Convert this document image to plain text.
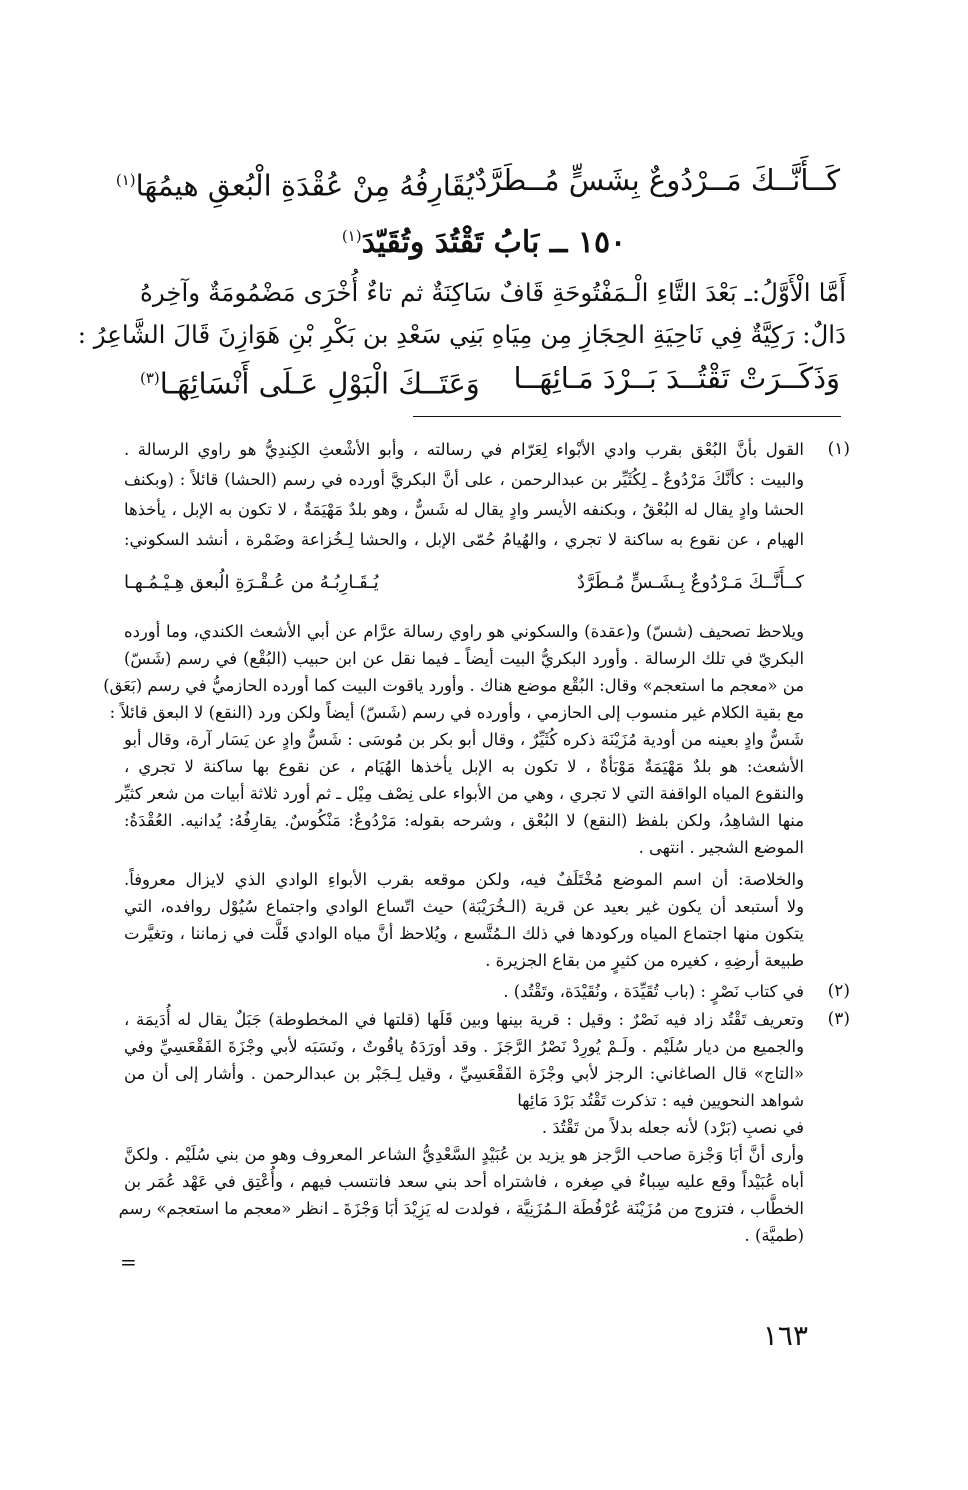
كَــأَنَّــكَ مَــرْدُوعٌ بِشَسٍّ مُــطَرَّدٌ
يُقَارِفُهُ مِنْ عُقْدَةِ الْبُعقِ هيمُهَا$^{(١)}$
١٥٠ ــ بَابُ تَقْتُدَ وتُقَيّدَ$^{(١)}$
أَمَّا الْأَوَّلُ:ـ بَعْدَ التَّاءِ الْـمَفْتُوحَةِ قَافٌ سَاكِنَةٌ ثم تاءٌ أُخْرَى مَضْمُومَةٌ وآخِرهُ
دَالٌ: رَكِيَّةٌ فِي نَاحِيَةِ الحِجَازِ مِن مِيَاهِ بَنِي سَعْدِ بن بَكْرِ بْنِ هَوَازِنَ قَالَ الشَّاعِرُ :
وَذَكَــرَتْ تَقْتُــدَ بَــرْدَ مَـائِهَــا
وَعَتَــكَ الْبَوْلِ عَـلَى أَنْسَائِهَـا$^{(٣)}$
(١)
القول بأنَّ البُعْق بقرب وادي الأبْواء لِعَرّام في رسالته ، وأبو الأشْعثِ الكِندِيُّ هو راوي الرسالة .
والبيت : كأنَّكَ مَرْدُوعٌ ـ لِكُثَيِّر بن عبدالرحمن ، على أنَّ البكريَّ أورده في رسم (الحشا) قائلاً : (وبكنف
الحشا وادٍ يقال له البُعْقُ ، وبكنفه الأيسر وادٍ يقال له شَسٌّ ، وهو بلدٌ مَهْيَمَةٌ ، لا تكون به الإبل ، يأخذها
الهيام ، عن نقوع به ساكنة لا تجري ، والهُيامُ حُمّى الإبل ، والحشا لِـخُزاعة وضَمْرة ، أنشد السكوني:
كــأَنَّــكَ مَـرْدُوعٌ بِـشَـسٍّ مُـطَرَّدٌ
يُـقَـارِبُـهُ من عُـقْـرَةِ الُبعق هِـيْـمُـهـا
ويلاحظ تصحيف (شسّ) و(عقدة) والسكوني هو راوي رسالة عرَّام عن أبي الأشعث الكندي، وما أورده
البكريّ في تلك الرسالة . وأورد البكريُّ البيت أيضاً ـ فيما نقل عن ابن حبيب (البُقْع) في رسم (شَسّ)
من «معجم ما استعجم» وقال: البُقْع موضع هناك . وأورد ياقوت البيت كما أورده الحازميُّ في رسم (بَعَق)
مع بقية الكلام غير منسوب إلى الحازمي ، وأورده في رسم (شَسّ) أيضاً ولكن ورد (النقع) لا البعق قائلاً :
شَسٌّ وادٍ بعينه من أودية مُزَيْنَة ذكره كُثَيِّرٌ ، وقال أبو بكر بن مُوسَى : شَسٌّ وادٍ عن يَسَار آرة، وقال أبو
الأشعث: هو بلدٌ مَهْيَمَةٌ مَوْبَأةٌ ، لا تكون به الإبل يأخذها الهُيَام ، عن نقوع بها ساكنة لا تجري ،
والنقوع المياه الواقفة التي لا تجري ، وهي من الأبواء على نِصْف مِيْل ـ ثم أورد ثلاثة أبيات من شعر كثيِّر
منها الشاهِدُ، ولكن بلفظ (النقع) لا البُعْق ، وشرحه بقوله: مَرْدُوعٌ: مَنْكُوسٌ. يقارِفُهُ: يُدانيه. العُقْدَةُ:
الموضع الشجير . انتهى .
والخلاصة: أن اسم الموضع مُخْتَلَفٌ فيه، ولكن موقعه بقرب الأبواءِ الوادي الذي لايزال معروفاً.
ولا أستبعد أن يكون غير بعيد عن قرية (الـخُرَيْبَة) حيث اتّساع الوادي واجتماع سُيُوْل روافده، التي
يتكون منها اجتماع المياه وركودها في ذلك الـمُتَّسع ، ويُلاحظ أنَّ مياه الوادي قَلَّت في زماننا ، وتغيَّرت
طبيعة أرضِهِ ، كغيره من كثيرٍ من بقاع الجزيرة .
(٢)
في كتاب نَصْرٍ : (باب تُقَيِّدَة ، ونُقَيْدَة، وتَقْتُد) .
(٣)
وتعريف تَقْتُد زاد فيه نَصْرٌ : وقيل : قرية بينها وبين قَلَها (قلتها في المخطوطة) جَبَلٌ يقال له أُدَيمَة ،
والجميع من ديار سُلَيْم . ولَـمْ يُورِدْ نَصْرُ الرَّجَزَ . وقد أورَدَهُ ياقُوتٌ ، ونَسَبَه لأبي وجْزَةَ الفَقْعَسِيِّ وفي
«التاج» قال الصاغاني: الرجز لأبي وجْزَة الفَقْعَسِيِّ ، وقيل لِـجَبْر بن عبدالرحمن . وأشار إلى أن من
شواهد النحويين فيه : تذكرت تَقْتُد بَرْدَ مَائِها
في نصبِ (بَرْد) لأنه جعله بدلاً من تَقْتُدَ .
وأرى أنَّ أبَا وَجْزة صاحب الرَّجز هو يزيد بن عُبَيْدٍ السَّعْدِيُّ الشاعر المعروف وهو من بني سُلَيْم . ولكنَّ
أباه عُبَيْداً وقع عليه سِباءٌ في صِغره ، فاشتراه أحد بني سعد فانتسب فيهم ، وأُعْتِق في عَهْد عُمَر بن
الخطَّاب ، فتزوج من مُزَيْنَة عُرْفُطَة الـمُزَنِيَّة ، فولدت له يَزِيْدَ أبَا وَجْزَةَ ـ انظر «معجم ما استعجم» رسم
(طميَّة) .
=
١٦٣
